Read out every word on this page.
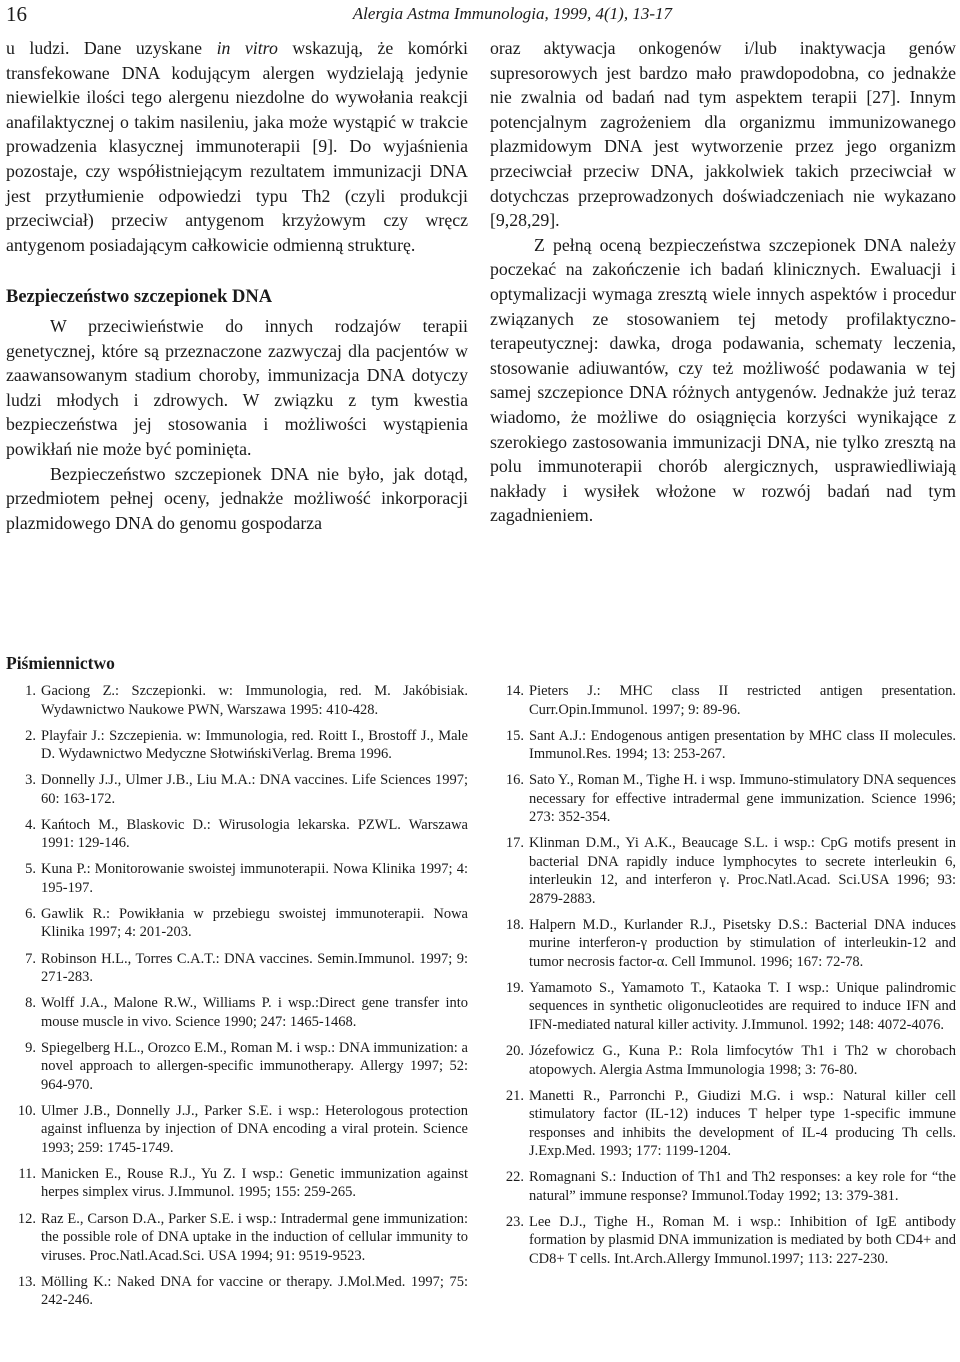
16	Alergia Astma Immunologia, 1999, 4(1), 13-17

u ludzi. Dane uzyskane in vitro wskazują, że komórki transfekowane DNA kodującym alergen wydzielają jedynie niewielkie ilości tego alergenu niezdolne do wywołania reakcji anafilaktycznej o takim nasileniu, jaka może wystąpić w trakcie prowadzenia klasycznej immunoterapii [9]. Do wyjaśnienia pozostaje, czy współistniejącym rezultatem immunizacji DNA jest przytłumienie odpowiedzi typu Th2 (czyli produkcji przeciwciał) przeciw antygenom krzyżowym czy wręcz antygenom posiadającym całkowicie odmienną strukturę.

Bezpieczeństwo szczepionek DNA

W przeciwieństwie do innych rodzajów terapii genetycznej, które są przeznaczone zazwyczaj dla pacjentów w zaawansowanym stadium choroby, immunizacja DNA dotyczy ludzi młodych i zdrowych. W związku z tym kwestia bezpieczeństwa jej stosowania i możliwości wystąpienia powikłań nie może być pominięta.

Bezpieczeństwo szczepionek DNA nie było, jak dotąd, przedmiotem pełnej oceny, jednakże możliwość inkorporacji plazmidowego DNA do genomu gospodarza

oraz aktywacja onkogenów i/lub inaktywacja genów supresorowych jest bardzo mało prawdopodobna, co jednakże nie zwalnia od badań nad tym aspektem terapii [27]. Innym potencjalnym zagrożeniem dla organizmu immunizowanego plazmidowym DNA jest wytworzenie przez jego organizm przeciwciał przeciw DNA, jakkolwiek takich przeciwciał w dotychczas przeprowadzonych doświadczeniach nie wykazano [9,28,29].

Z pełną oceną bezpieczeństwa szczepionek DNA należy poczekać na zakończenie ich badań klinicznych. Ewaluacji i optymalizacji wymaga zresztą wiele innych aspektów i procedur związanych ze stosowaniem tej metody profilaktyczno-terapeutycznej: dawka, droga podawania, schematy leczenia, stosowanie adiuwantów, czy też możliwość podawania w tej samej szczepionce DNA różnych antygenów. Jednakże już teraz wiadomo, że możliwe do osiągnięcia korzyści wynikające z szerokiego zastosowania immunizacji DNA, nie tylko zresztą na polu immunoterapii chorób alergicznych, usprawiedliwiają nakłady i wysiłek włożone w rozwój badań nad tym zagadnieniem.

Piśmiennictwo
1 . Gaciong Z.: Szczepionki. w: Immunologia, red. M. Jakóbisiak. Wydawnictwo Naukowe PWN, Warszawa 1995: 410-428.
2 . Playfair J.: Szczepienia. w: Immunologia, red. Roitt I., Brostoff J., Male D. Wydawnictwo Medyczne SłotwińskiVerlag. Brema 1996.
3 . Donnelly J.J., Ulmer J.B., Liu M.A.: DNA vaccines. Life Sciences 1997; 60: 163-172.
4 . Kańtoch M., Blaskovic D.: Wirusologia lekarska. PZWL. Warszawa 1991: 129-146.
5 . Kuna P.: Monitorowanie swoistej immunoterapii. Nowa Klinika 1997; 4: 195-197.
6 . Gawlik R.: Powikłania w przebiegu swoistej immunoterapii. Nowa Klinika 1997; 4: 201-203.
7 . Robinson H.L., Torres C.A.T.: DNA vaccines. Semin.Immunol. 1997; 9: 271-283.
8 . Wolff J.A., Malone R.W., Williams P. i wsp.:Direct gene transfer into mouse muscle in vivo. Science 1990; 247: 1465-1468.
9 . Spiegelberg H.L., Orozco E.M., Roman M. i wsp.: DNA immunization: a novel approach to allergen-specific immunotherapy. Allergy 1997; 52: 964-970.
10 . Ulmer J.B., Donnelly J.J., Parker S.E. i wsp.: Heterologous protection against influenza by injection of DNA encoding a viral protein. Science 1993; 259: 1745-1749.
11 . Manicken E., Rouse R.J., Yu Z. I wsp.: Genetic immunization against herpes simplex virus. J.Immunol. 1995; 155: 259-265.
12 . Raz E., Carson D.A., Parker S.E. i wsp.: Intradermal gene immunization: the possible role of DNA uptake in the induction of cellular immunity to viruses. Proc.Natl.Acad.Sci. USA 1994; 91: 9519-9523.
13 . Mölling K.: Naked DNA for vaccine or therapy. J.Mol.Med. 1997; 75: 242-246.
14 . Pieters J.: MHC class II restricted antigen presentation. Curr.Opin.Immunol. 1997; 9: 89-96.
15 . Sant A.J.: Endogenous antigen presentation by MHC class II molecules. Immunol.Res. 1994; 13: 253-267.
16 . Sato Y., Roman M., Tighe H. i wsp. Immuno-stimulatory DNA sequences necessary for effective intradermal gene immunization. Science 1996; 273: 352-354.
17 . Klinman D.M., Yi A.K., Beaucage S.L. i wsp.: CpG motifs present in bacterial DNA rapidly induce lymphocytes to secrete interleukin 6, interleukin 12, and interferon γ. Proc.Natl.Acad. Sci.USA 1996; 93: 2879-2883.
18 . Halpern M.D., Kurlander R.J., Pisetsky D.S.: Bacterial DNA induces murine interferon-γ production by stimulation of interleukin-12 and tumor necrosis factor-α. Cell Immunol. 1996; 167: 72-78.
19 . Yamamoto S., Yamamoto T., Kataoka T. I wsp.: Unique palindromic sequences in synthetic oligonucleotides are required to induce IFN and IFN-mediated natural killer activity. J.Immunol. 1992; 148: 4072-4076.
20 . Józefowicz G., Kuna P.: Rola limfocytów Th1 i Th2 w chorobach atopowych. Alergia Astma Immunologia 1998; 3: 76-80.
21 . Manetti R., Parronchi P., Giudizi M.G. i wsp.: Natural killer cell stimulatory factor (IL-12) induces T helper type 1-specific immune responses and inhibits the development of IL-4 producing Th cells. J.Exp.Med. 1993; 177: 1199-1204.
22 . Romagnani S.: Induction of Th1 and Th2 responses: a key role for “the natural” immune response? Immunol.Today 1992; 13: 379-381.
23 . Lee D.J., Tighe H., Roman M. i wsp.: Inhibition of IgE antibody formation by plasmid DNA immunization is mediated by both CD4+ and CD8+ T cells. Int.Arch.Allergy Immunol.1997; 113: 227-230.
